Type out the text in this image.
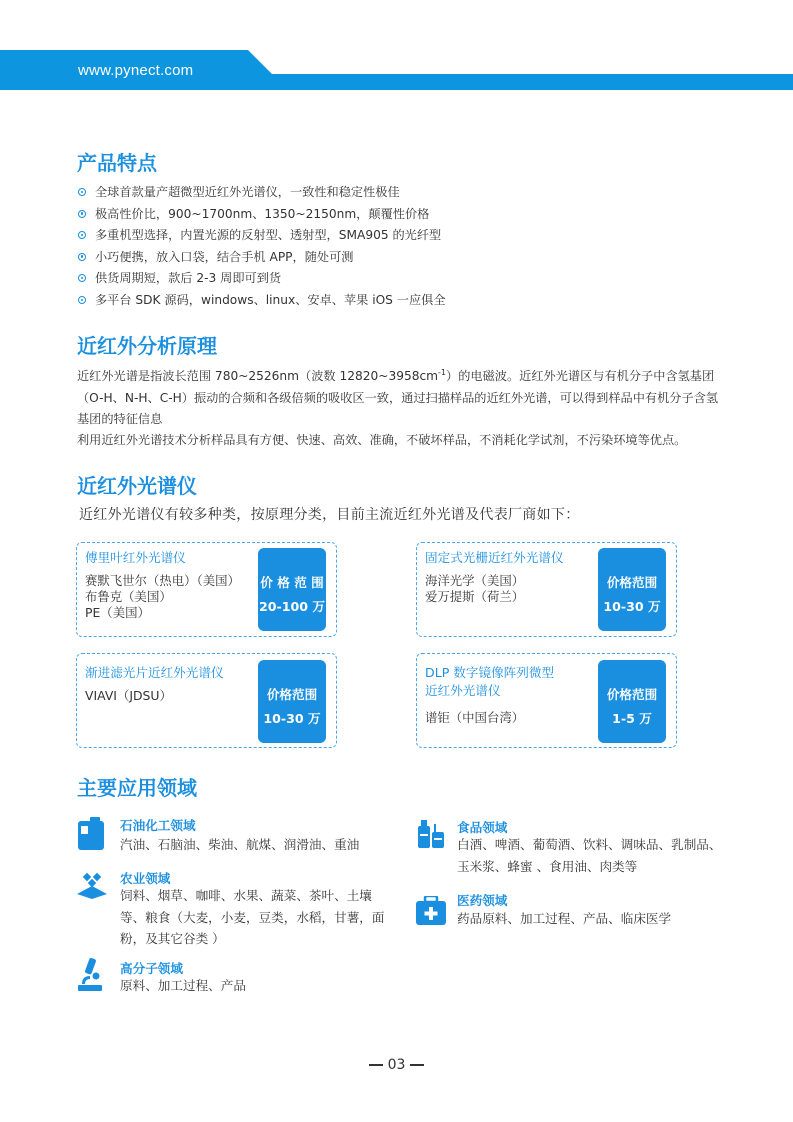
www.pynect.com
产品特点
全球首款量产超微型近红外光谱仪，一致性和稳定性极佳
极高性价比，900~1700nm、1350~2150nm，颠覆性价格
多重机型选择，内置光源的反射型、透射型，SMA905 的光纤型
小巧便携，放入口袋，结合手机 APP，随处可测
供货周期短，款后 2-3 周即可到货
多平台 SDK 源码，windows、linux、安卓、苹果 iOS 一应俱全
近红外分析原理

近红外光谱是指波长范围 780~2526nm（波数 $12820\sim 3958cm^{-1}$）的电磁波。近红外光谱区与有机分子中含氢基团（O-H、N-H、C-H）振动的合频和各级倍频的吸收区一致，通过扫描样品的近红外光谱，可以得到样品中有机分子含氢基团的特征信息

利用近红外光谱技术分析样品具有方便、快速、高效、准确，不破坏样品，不消耗化学试剂，不污染环境等优点。

近红外光谱仪

近红外光谱仪有较多种类，按原理分类，目前主流近红外光谱及代表厂商如下：

傅里叶红外光谱仪
赛默飞世尔（热电）（美国）
布鲁克（美国）
PE（美国）
价 格 范 围
20-100 万
固定式光栅近红外光谱仪
海洋光学（美国）
爱万提斯（荷兰）
价格范围
10-30 万
渐进滤光片近红外光谱仪
VIAVI（JDSU）	价格范围
10-30 万
DLP 数字镜像阵列微型
近红外光谱仪
谱钜（中国台湾）
价格范围
1-5 万
主要应用领域

石油化工领域

汽油、石脑油、柴油、航煤、润滑油、重油

食品领域

白酒、啤酒、葡萄酒、饮料、调味品、乳制品、玉米浆、蜂蜜 、食用油、肉类等

农业领域

饲料、烟草、咖啡、水果、蔬菜、茶叶、土壤等、粮食（大麦，小麦，豆类，水稻，甘薯，面粉，及其它谷类 ）

医药领域

药品原料、加工过程、产品、临床医学

高分子领域

原料、加工过程、产品

03
